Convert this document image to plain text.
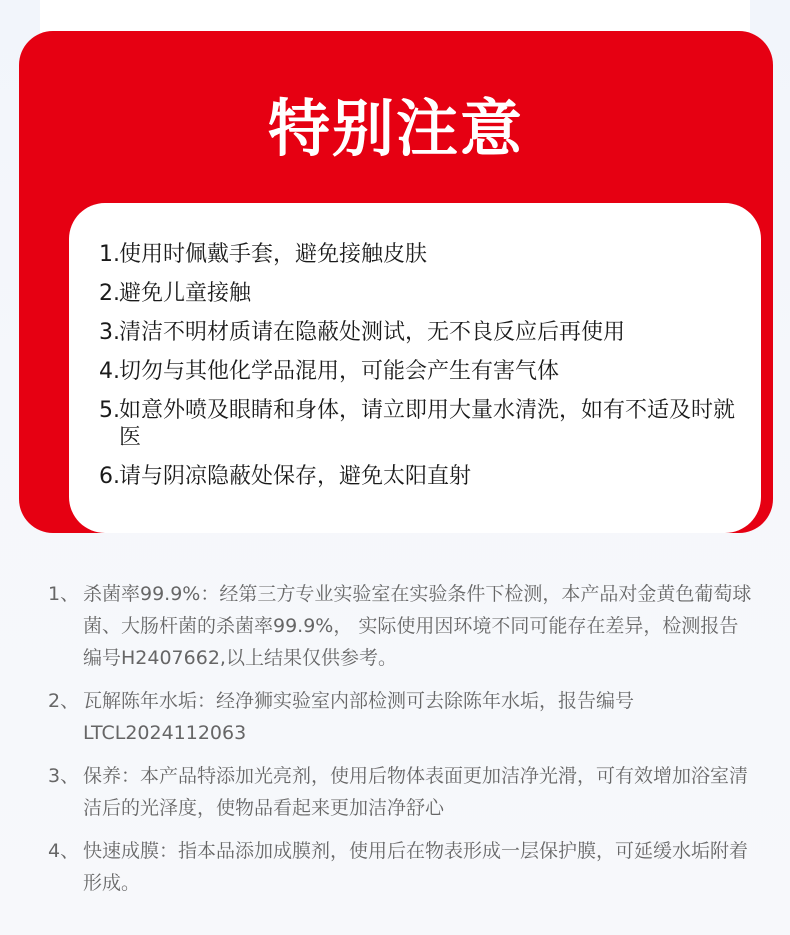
特别注意
1. 使用时佩戴手套，避免接触皮肤
2. 避免儿童接触
3. 清洁不明材质请在隐蔽处测试，无不良反应后再使用
4. 切勿与其他化学品混用，可能会产生有害气体
5. 如意外喷及眼睛和身体，请立即用大量水清洗，如有不适及时就医
6. 请与阴凉隐蔽处保存，避免太阳直射
1、 杀菌率99.9%：经第三方专业实验室在实验条件下检测，本产品对金黄色葡萄球菌、大肠杆菌的杀菌率99.9%， 实际使用因环境不同可能存在差异，检测报告编号H2407662,以上结果仅供参考。
2、 瓦解陈年水垢：经净狮实验室内部检测可去除陈年水垢，报告编号LTCL2024112063
3、 保养：本产品特添加光亮剂，使用后物体表面更加洁净光滑，可有效增加浴室清洁后的光泽度，使物品看起来更加洁净舒心
4、 快速成膜：指本品添加成膜剂，使用后在物表形成一层保护膜，可延缓水垢附着形成。
